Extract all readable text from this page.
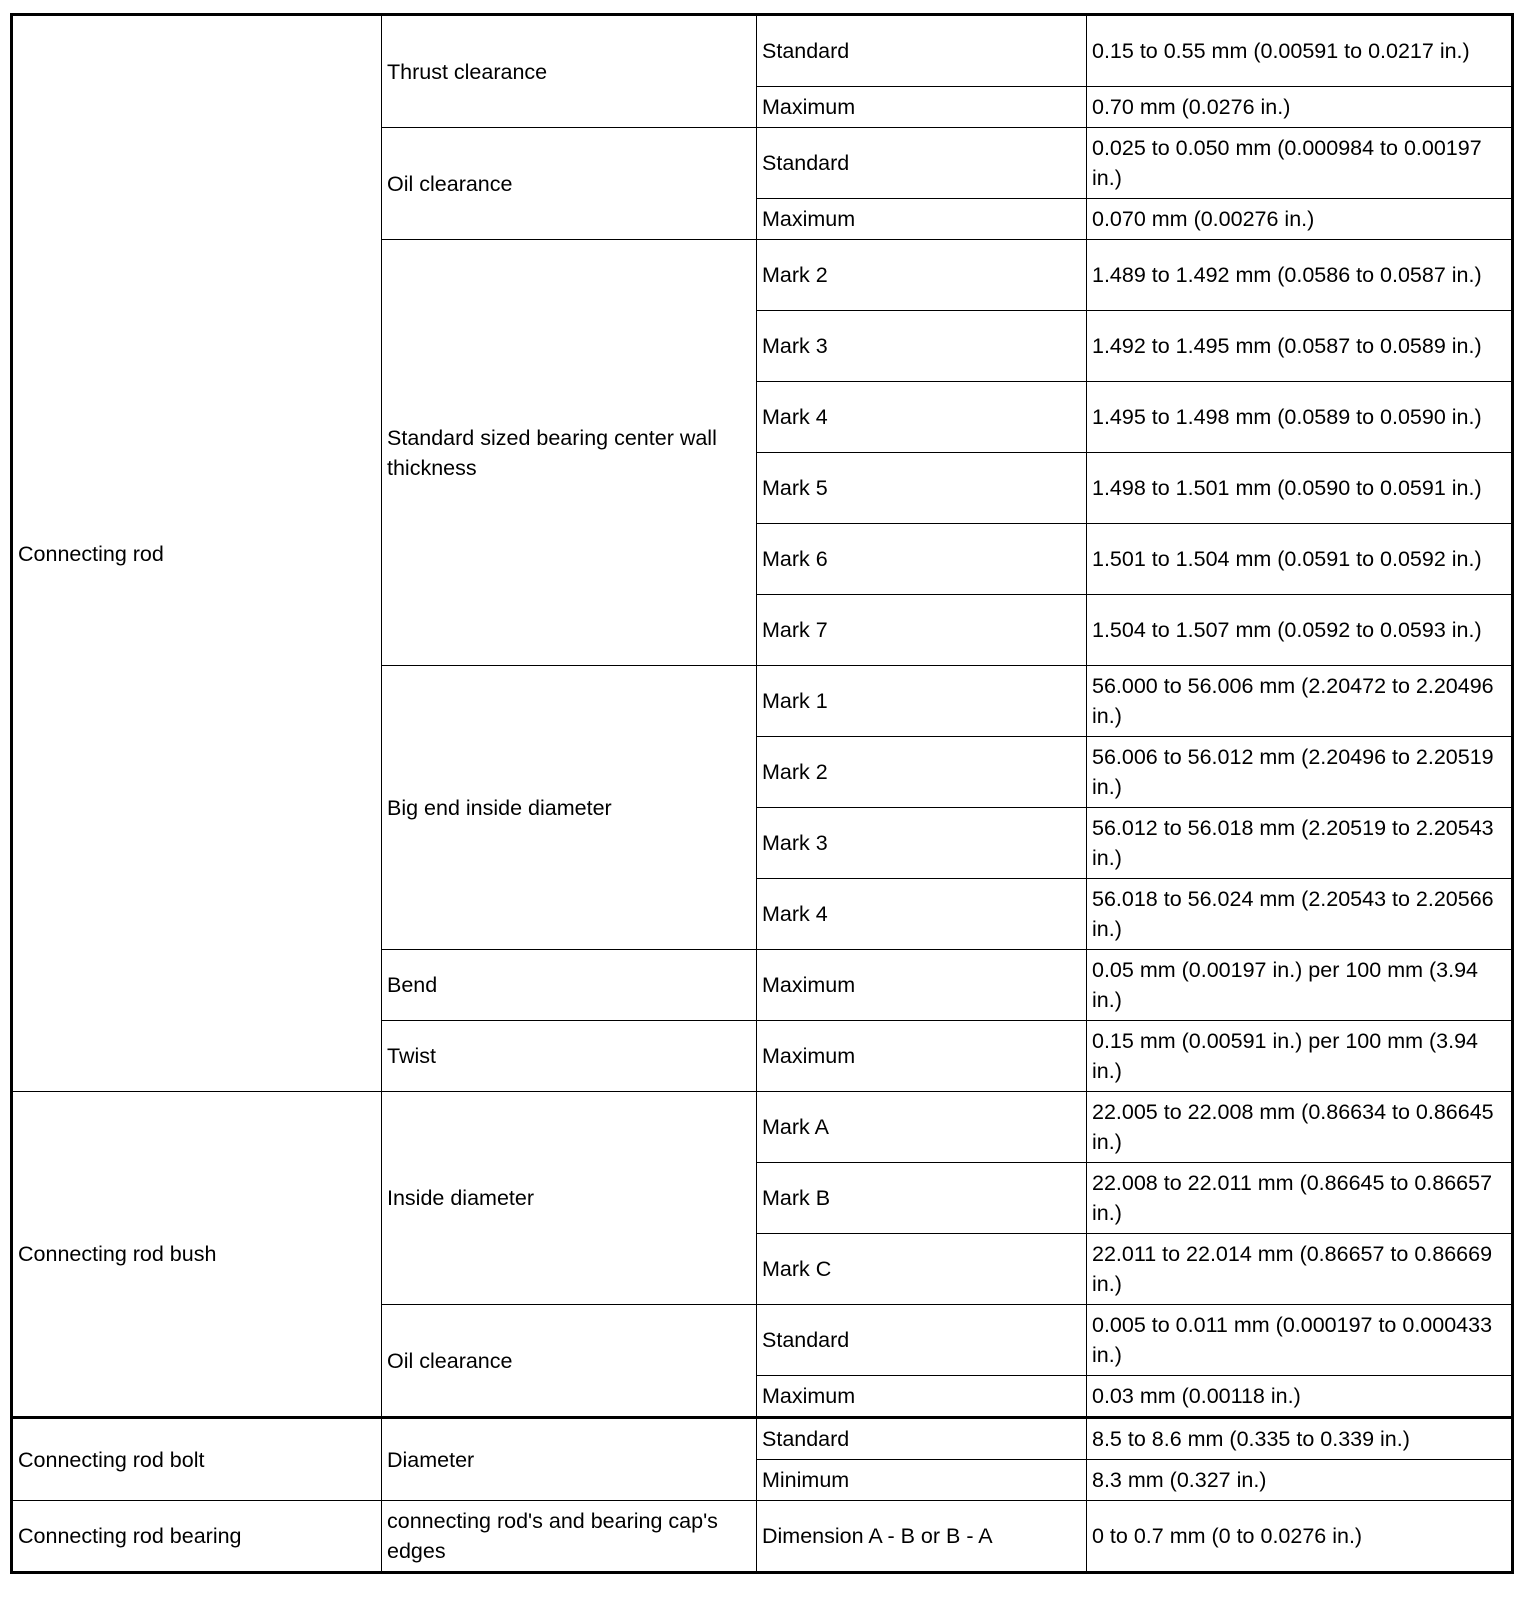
Connecting rod	Thrust clearance	Standard	0.15 to 0.55 mm (0.00591 to 0.0217 in.)
		Maximum	0.70 mm (0.0276 in.)
	Oil clearance	Standard	0.025 to 0.050 mm (0.000984 to 0.00197 in.)
		Maximum	0.070 mm (0.00276 in.)
	Standard sized bearing center wall thickness	Mark 2	1.489 to 1.492 mm (0.0586 to 0.0587 in.)
		Mark 3	1.492 to 1.495 mm (0.0587 to 0.0589 in.)
		Mark 4	1.495 to 1.498 mm (0.0589 to 0.0590 in.)
		Mark 5	1.498 to 1.501 mm (0.0590 to 0.0591 in.)
		Mark 6	1.501 to 1.504 mm (0.0591 to 0.0592 in.)
		Mark 7	1.504 to 1.507 mm (0.0592 to 0.0593 in.)
	Big end inside diameter	Mark 1	56.000 to 56.006 mm (2.20472 to 2.20496 in.)
		Mark 2	56.006 to 56.012 mm (2.20496 to 2.20519 in.)
		Mark 3	56.012 to 56.018 mm (2.20519 to 2.20543 in.)
		Mark 4	56.018 to 56.024 mm (2.20543 to 2.20566 in.)
	Bend	Maximum	0.05 mm (0.00197 in.) per 100 mm (3.94 in.)
	Twist	Maximum	0.15 mm (0.00591 in.) per 100 mm (3.94 in.)
Connecting rod bush	Inside diameter	Mark A	22.005 to 22.008 mm (0.86634 to 0.86645 in.)
		Mark B	22.008 to 22.011 mm (0.86645 to 0.86657 in.)
		Mark C	22.011 to 22.014 mm (0.86657 to 0.86669 in.)
	Oil clearance	Standard	0.005 to 0.011 mm (0.000197 to 0.000433 in.)
		Maximum	0.03 mm (0.00118 in.)
Connecting rod bolt	Diameter	Standard	8.5 to 8.6 mm (0.335 to 0.339 in.)
		Minimum	8.3 mm (0.327 in.)
Connecting rod bearing	connecting rod's and bearing cap's edges	Dimension A - B or B - A	0 to 0.7 mm (0 to 0.0276 in.)
